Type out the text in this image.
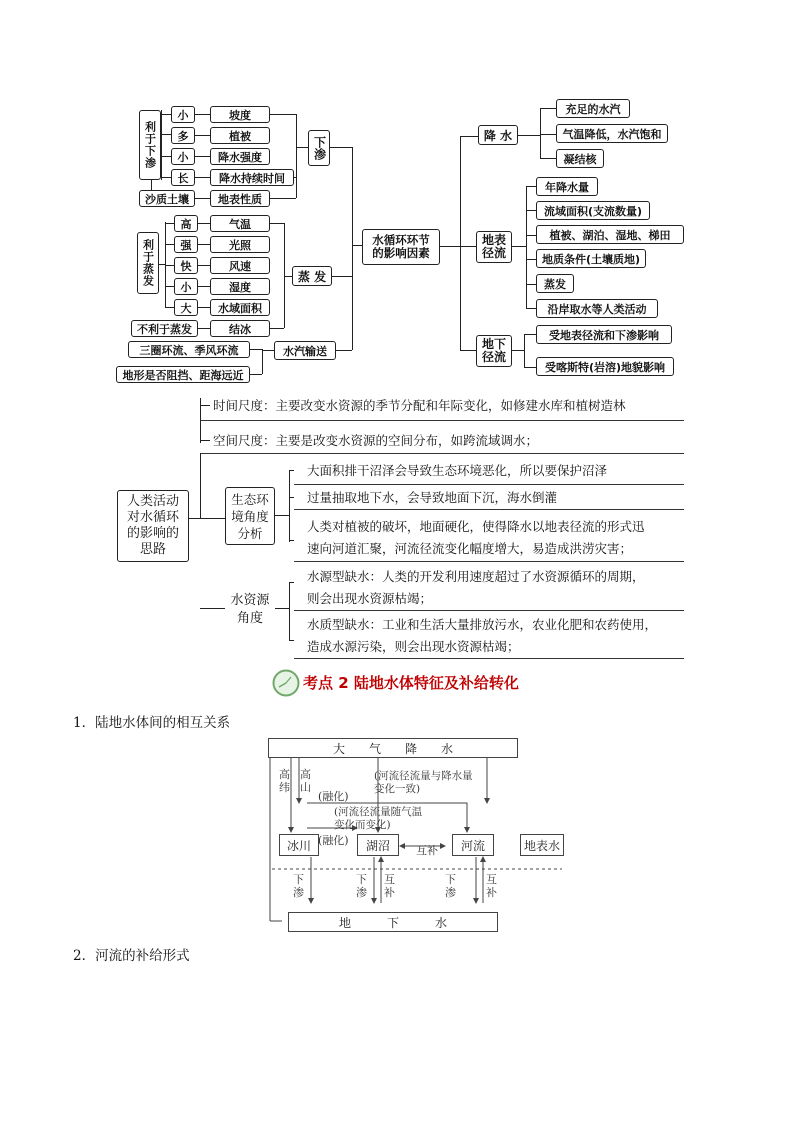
利于下渗
小
多
小
长
坡度
植被
降水强度
降水持续时间
沙质土壤	地表性质
下渗
利于蒸发
高
强
快
小
大
气温
光照
风速
湿度
水域面积
不利于蒸发	结冰
蒸 发
三圈环流、季风环流
地形是否阻挡、距海远近
水汽输送
水循环环节的影响因素
降 水
充足的水汽
气温降低，水汽饱和
凝结核
地表径流
年降水量
流域面积(支流数量)
植被、湖泊、湿地、梯田
地质条件(土壤质地)
蒸发
沿岸取水等人类活动
地下径流
受地表径流和下渗影响
受喀斯特(岩溶)地貌影响
时间尺度：主要改变水资源的季节分配和年际变化，如修建水库和植树造林
空间尺度：主要是改变水资源的空间分布，如跨流域调水；
人类活动对水循环的影响的思路
生态环境角度分析
大面积排干沼泽会导致生态环境恶化，所以要保护沼泽
过量抽取地下水，会导致地面下沉，海水倒灌
人类对植被的破坏，地面硬化，使得降水以地表径流的形式迅
速向河道汇聚，河流径流变化幅度增大，易造成洪涝灾害；
水资源角度
水源型缺水：人类的开发利用速度超过了水资源循环的周期，
则会出现水资源枯竭；
水质型缺水：工业和生活大量排放污水，农业化肥和农药使用，
造成水源污染，则会出现水资源枯竭；
考点 2 陆地水体特征及补给转化
1．陆地水体间的相互关系
大　　气　　降　　水
地　　　下　　　水
冰川	湖沼	河流	地表水
高纬
高山
(融化)
(融化)
(河流径流量与降水量变化一致)
(河流径流量随气温变化而变化)
互补
下渗
下渗
互补
下渗
互补
2．河流的补给形式
